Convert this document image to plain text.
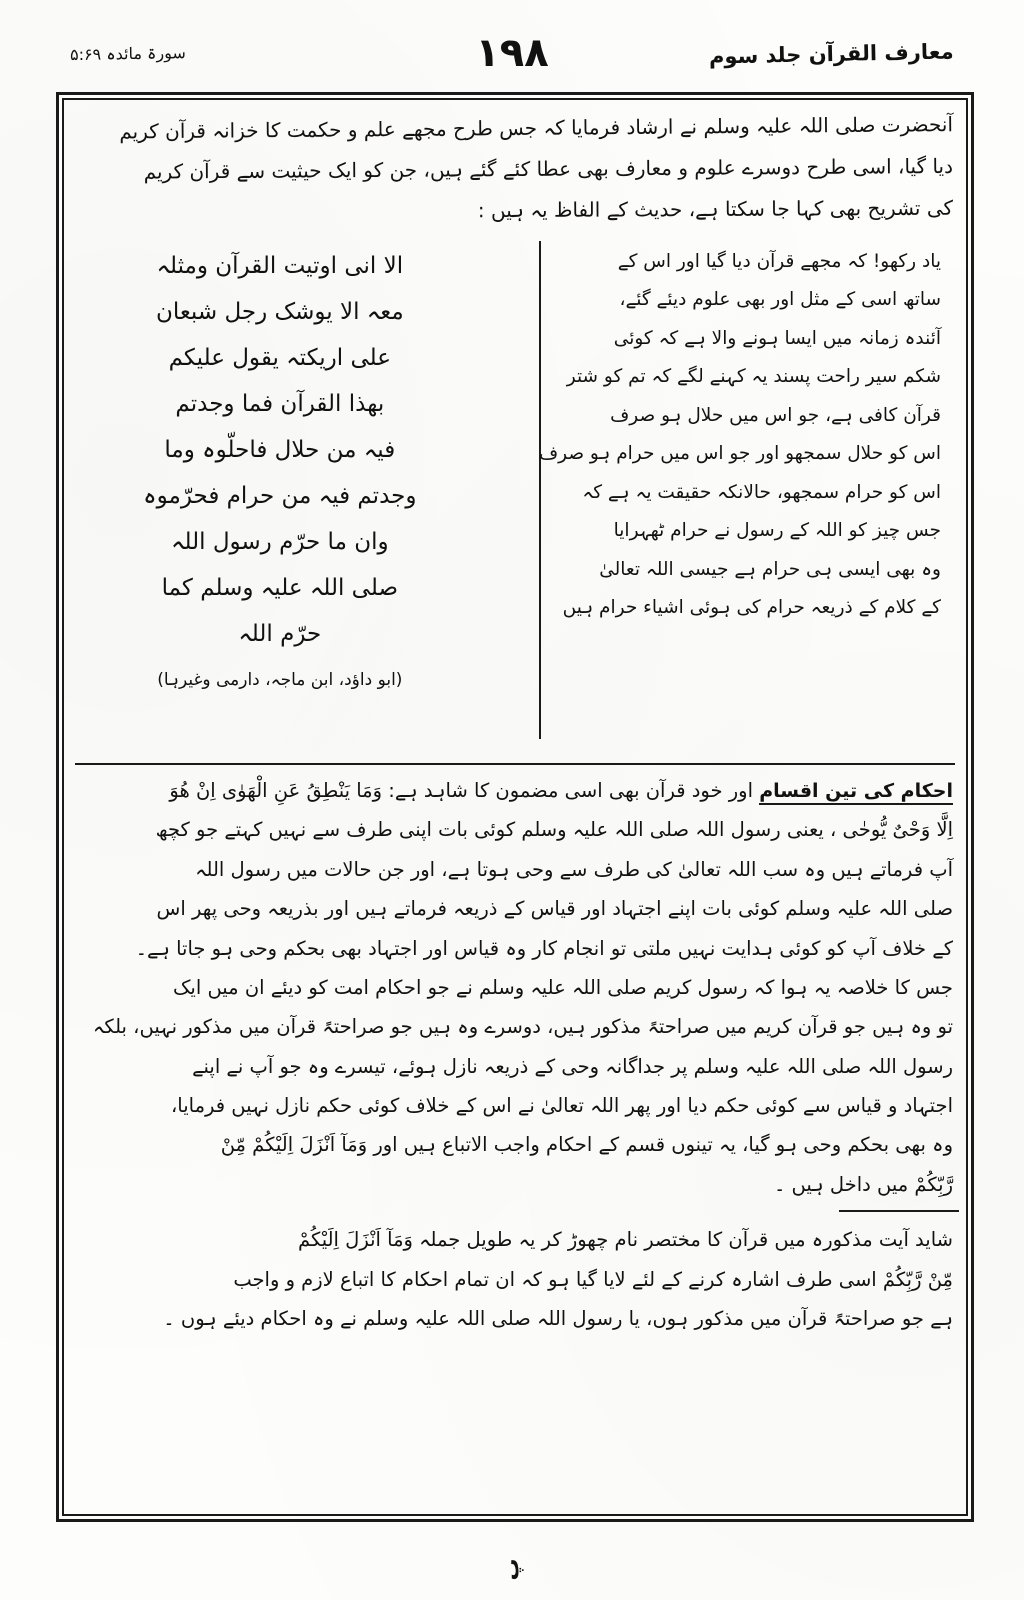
معارف القرآن جلد سوم
۱۹۸
سورۃ مائدہ ۵:۶۹
آنحضرت صلی اللہ علیہ وسلم نے ارشاد فرمایا کہ جس طرح مجھے علم و حکمت کا خزانہ قرآن کریم
دیا گیا، اسی طرح دوسرے علوم و معارف بھی عطا کئے گئے ہیں، جن کو ایک حیثیت سے قرآن کریم
کی تشریح بھی کہا جا سکتا ہے، حدیث کے الفاظ یہ ہیں :
یاد رکھو! کہ مجھے قرآن دیا گیا اور اس کے
ساتھ اسی کے مثل اور بھی علوم دیئے گئے،
آئندہ زمانہ میں ایسا ہونے والا ہے کہ کوئی
شکم سیر راحت پسند یہ کہنے لگے کہ تم کو شتر
قرآن کافی ہے، جو اس میں حلال ہو صرف
اس کو حلال سمجھو اور جو اس میں حرام ہو صرف
اس کو حرام سمجھو، حالانکہ حقیقت یہ ہے کہ
جس چیز کو اللہ کے رسول نے حرام ٹھہرایا
وہ بھی ایسی ہی حرام ہے جیسی اللہ تعالیٰ
کے کلام کے ذریعہ حرام کی ہوئی اشیاء حرام ہیں
الا انی اوتیت القرآن ومثلہ
معہ الا یوشک رجل شبعان
علی اریکتہ یقول علیکم
بھذا القرآن فما وجدتم
فیہ من حلال فاحلّوہ وما
وجدتم فیہ من حرام فحرّموہ
وان ما حرّم رسول اللہ
صلی اللہ علیہ وسلم کما
حرّم اللہ
(ابو داؤد، ابن ماجہ، دارمی وغیرہا)
احکام کی تین اقسام اور خود قرآن بھی اسی مضمون کا شاہد ہے: وَمَا یَنْطِقُ عَنِ الْھَوٰی اِنْ ھُوَ
اِلَّا وَحْیٌ یُّوحٰی ، یعنی رسول اللہ صلی اللہ علیہ وسلم کوئی بات اپنی طرف سے نہیں کہتے جو کچھ
آپ فرماتے ہیں وہ سب اللہ تعالیٰ کی طرف سے وحی ہوتا ہے، اور جن حالات میں رسول اللہ
صلی اللہ علیہ وسلم کوئی بات اپنے اجتہاد اور قیاس کے ذریعہ فرماتے ہیں اور بذریعہ وحی پھر اس
کے خلاف آپ کو کوئی ہدایت نہیں ملتی تو انجام کار وہ قیاس اور اجتہاد بھی بحکم وحی ہو جاتا ہے۔
جس کا خلاصہ یہ ہوا کہ رسول کریم صلی اللہ علیہ وسلم نے جو احکام امت کو دیئے ان میں ایک
تو وہ ہیں جو قرآن کریم میں صراحتہً مذکور ہیں، دوسرے وہ ہیں جو صراحتہً قرآن میں مذکور نہیں، بلکہ
رسول اللہ صلی اللہ علیہ وسلم پر جداگانہ وحی کے ذریعہ نازل ہوئے، تیسرے وہ جو آپ نے اپنے
اجتہاد و قیاس سے کوئی حکم دیا اور پھر اللہ تعالیٰ نے اس کے خلاف کوئی حکم نازل نہیں فرمایا،
وہ بھی بحکم وحی ہو گیا، یہ تینوں قسم کے احکام واجب الاتباع ہیں اور وَمَآ اَنْزَلَ اِلَیْکُمْ مِّنْ
رَّبِّکُمْ میں داخل ہیں ۔
شاید آیت مذکورہ میں قرآن کا مختصر نام چھوڑ کر یہ طویل جملہ وَمَآ اَنْزَلَ اِلَیْکُمْ
مِّنْ رَّبِّکُمْ اسی طرف اشارہ کرنے کے لئے لایا گیا ہو کہ ان تمام احکام کا اتباع لازم و واجب
ہے جو صراحتہً قرآن میں مذکور ہوں، یا رسول اللہ صلی اللہ علیہ وسلم نے وہ احکام دیئے ہوں ۔
پ
